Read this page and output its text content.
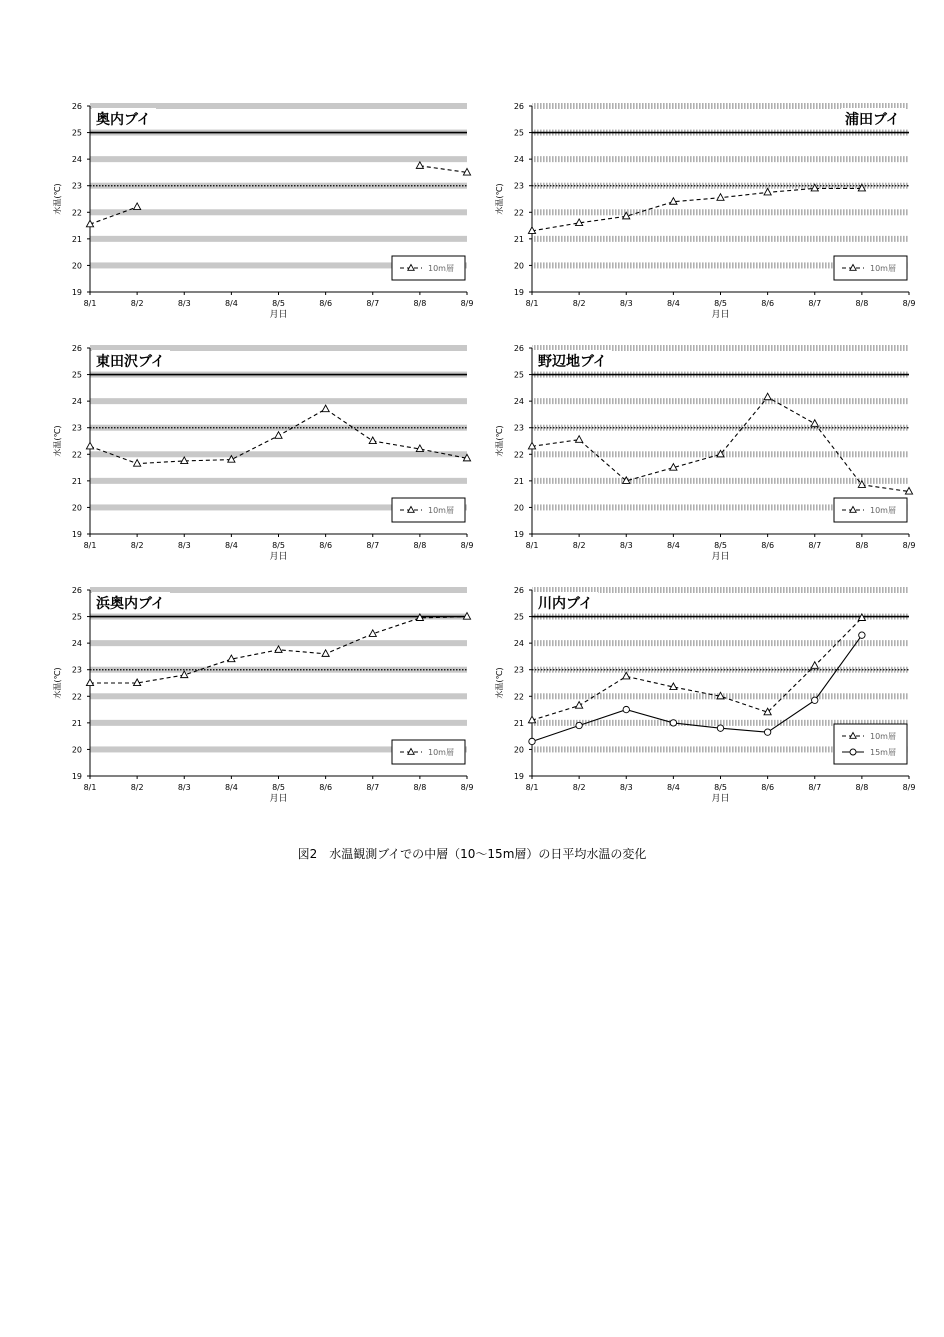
19
20
21
22
23
24
25
26
8/1	8/2	8/3	8/4	8/5	8/6	8/7	8/8	8/9
月日
水温(℃)
奥内ブイ
10m層
19
20
21
22
23
24
25
26
8/1	8/2	8/3	8/4	8/5	8/6	8/7	8/8	8/9
月日
水温(℃)
浦田ブイ
10m層
19
20
21
22
23
24
25
26
8/1	8/2	8/3	8/4	8/5	8/6	8/7	8/8	8/9
月日
水温(℃)
東田沢ブイ
10m層
19
20
21
22
23
24
25
26
8/1	8/2	8/3	8/4	8/5	8/6	8/7	8/8	8/9
月日
水温(℃)
野辺地ブイ
10m層
19
20
21
22
23
24
25
26
8/1	8/2	8/3	8/4	8/5	8/6	8/7	8/8	8/9
月日
水温(℃)
浜奥内ブイ
10m層
19
20
21
22
23
24
25
26
8/1	8/2	8/3	8/4	8/5	8/6	8/7	8/8	8/9
月日
水温(℃)
川内ブイ
10m層
15m層
図2　水温観測ブイでの中層（10〜15m層）の日平均水温の変化
